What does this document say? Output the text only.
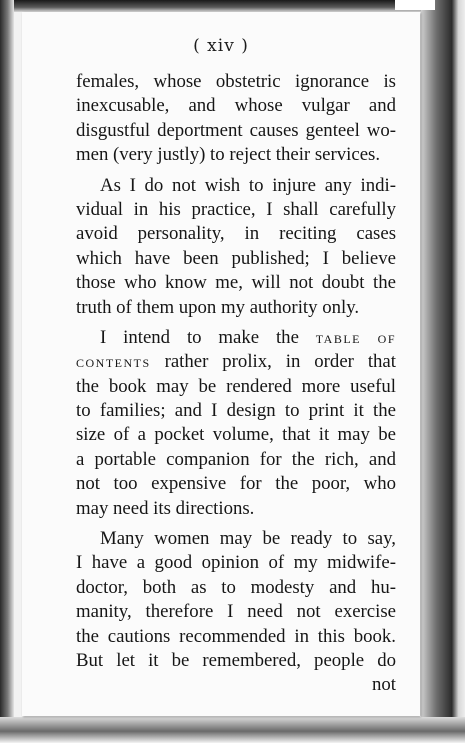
( xiv )
females, whose obstetric ignorance is
inexcusable, and whose vulgar and
disgustful deportment causes genteel wo-
men (very justly) to reject their services.
As I do not wish to injure any indi-
vidual in his practice, I shall carefully
avoid personality, in reciting cases
which have been published; I believe
those who know me, will not doubt the
truth of them upon my authority only.
I intend to make the TABLE OF
CONTENTS rather prolix, in order that
the book may be rendered more useful
to families; and I design to print it the
size of a pocket volume, that it may be
a portable companion for the rich, and
not too expensive for the poor, who
may need its directions.
Many women may be ready to say,
I have a good opinion of my midwife-
doctor, both as to modesty and hu-
manity, therefore I need not exercise
the cautions recommended in this book.
But let it be remembered, people do
not
